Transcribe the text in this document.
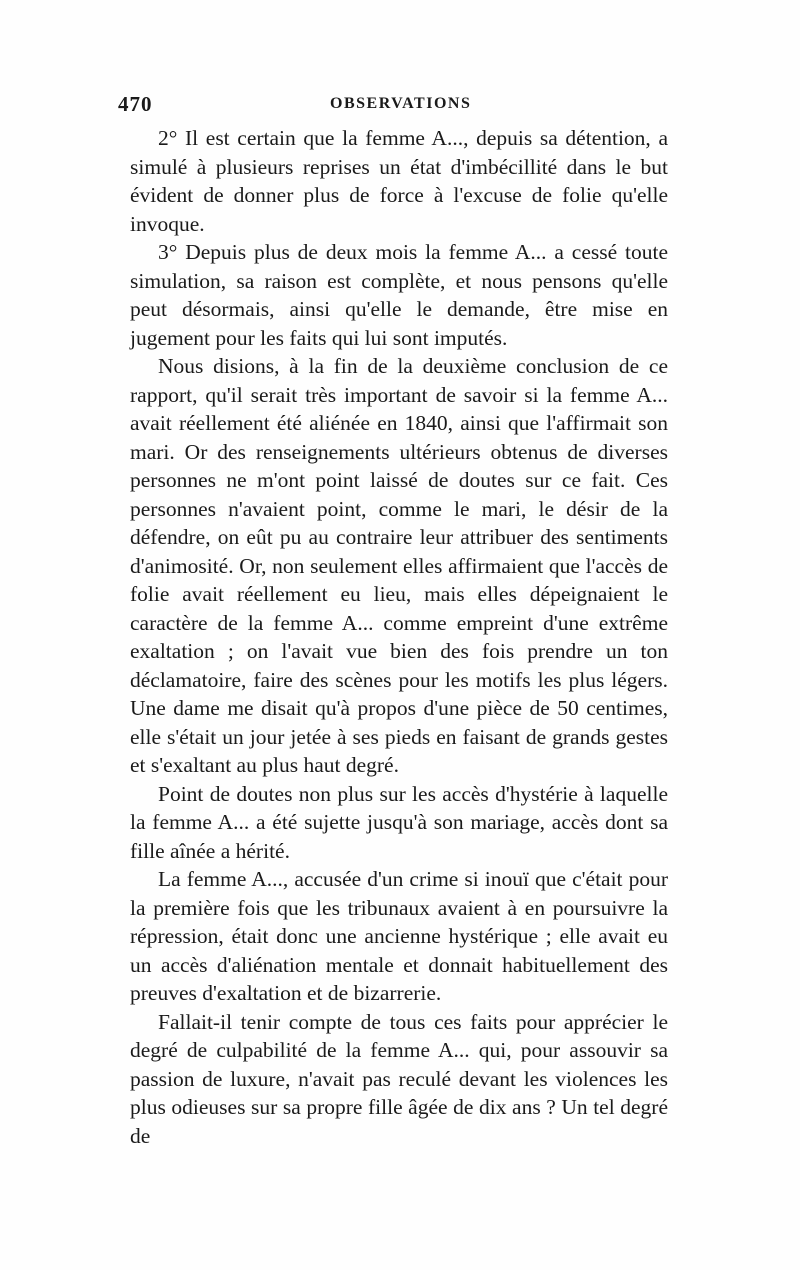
470	OBSERVATIONS

2° Il est certain que la femme A..., depuis sa détention, a simulé à plusieurs reprises un état d'imbécillité dans le but évident de donner plus de force à l'excuse de folie qu'elle invoque.

3° Depuis plus de deux mois la femme A... a cessé toute simulation, sa raison est complète, et nous pensons qu'elle peut désormais, ainsi qu'elle le demande, être mise en jugement pour les faits qui lui sont imputés.

Nous disions, à la fin de la deuxième conclusion de ce rapport, qu'il serait très important de savoir si la femme A... avait réellement été aliénée en 1840, ainsi que l'affirmait son mari. Or des renseignements ultérieurs obtenus de diverses personnes ne m'ont point laissé de doutes sur ce fait. Ces personnes n'avaient point, comme le mari, le désir de la défendre, on eût pu au contraire leur attribuer des sentiments d'animosité. Or, non seulement elles affirmaient que l'accès de folie avait réellement eu lieu, mais elles dépeignaient le caractère de la femme A... comme empreint d'une extrême exaltation ; on l'avait vue bien des fois prendre un ton déclamatoire, faire des scènes pour les motifs les plus légers. Une dame me disait qu'à propos d'une pièce de 50 centimes, elle s'était un jour jetée à ses pieds en faisant de grands gestes et s'exaltant au plus haut degré.

Point de doutes non plus sur les accès d'hystérie à laquelle la femme A... a été sujette jusqu'à son mariage, accès dont sa fille aînée a hérité.

La femme A..., accusée d'un crime si inouï que c'était pour la première fois que les tribunaux avaient à en poursuivre la répression, était donc une ancienne hystérique ; elle avait eu un accès d'aliénation mentale et donnait habituellement des preuves d'exaltation et de bizarrerie.

Fallait-il tenir compte de tous ces faits pour apprécier le degré de culpabilité de la femme A... qui, pour assouvir sa passion de luxure, n'avait pas reculé devant les violences les plus odieuses sur sa propre fille âgée de dix ans ? Un tel degré de
